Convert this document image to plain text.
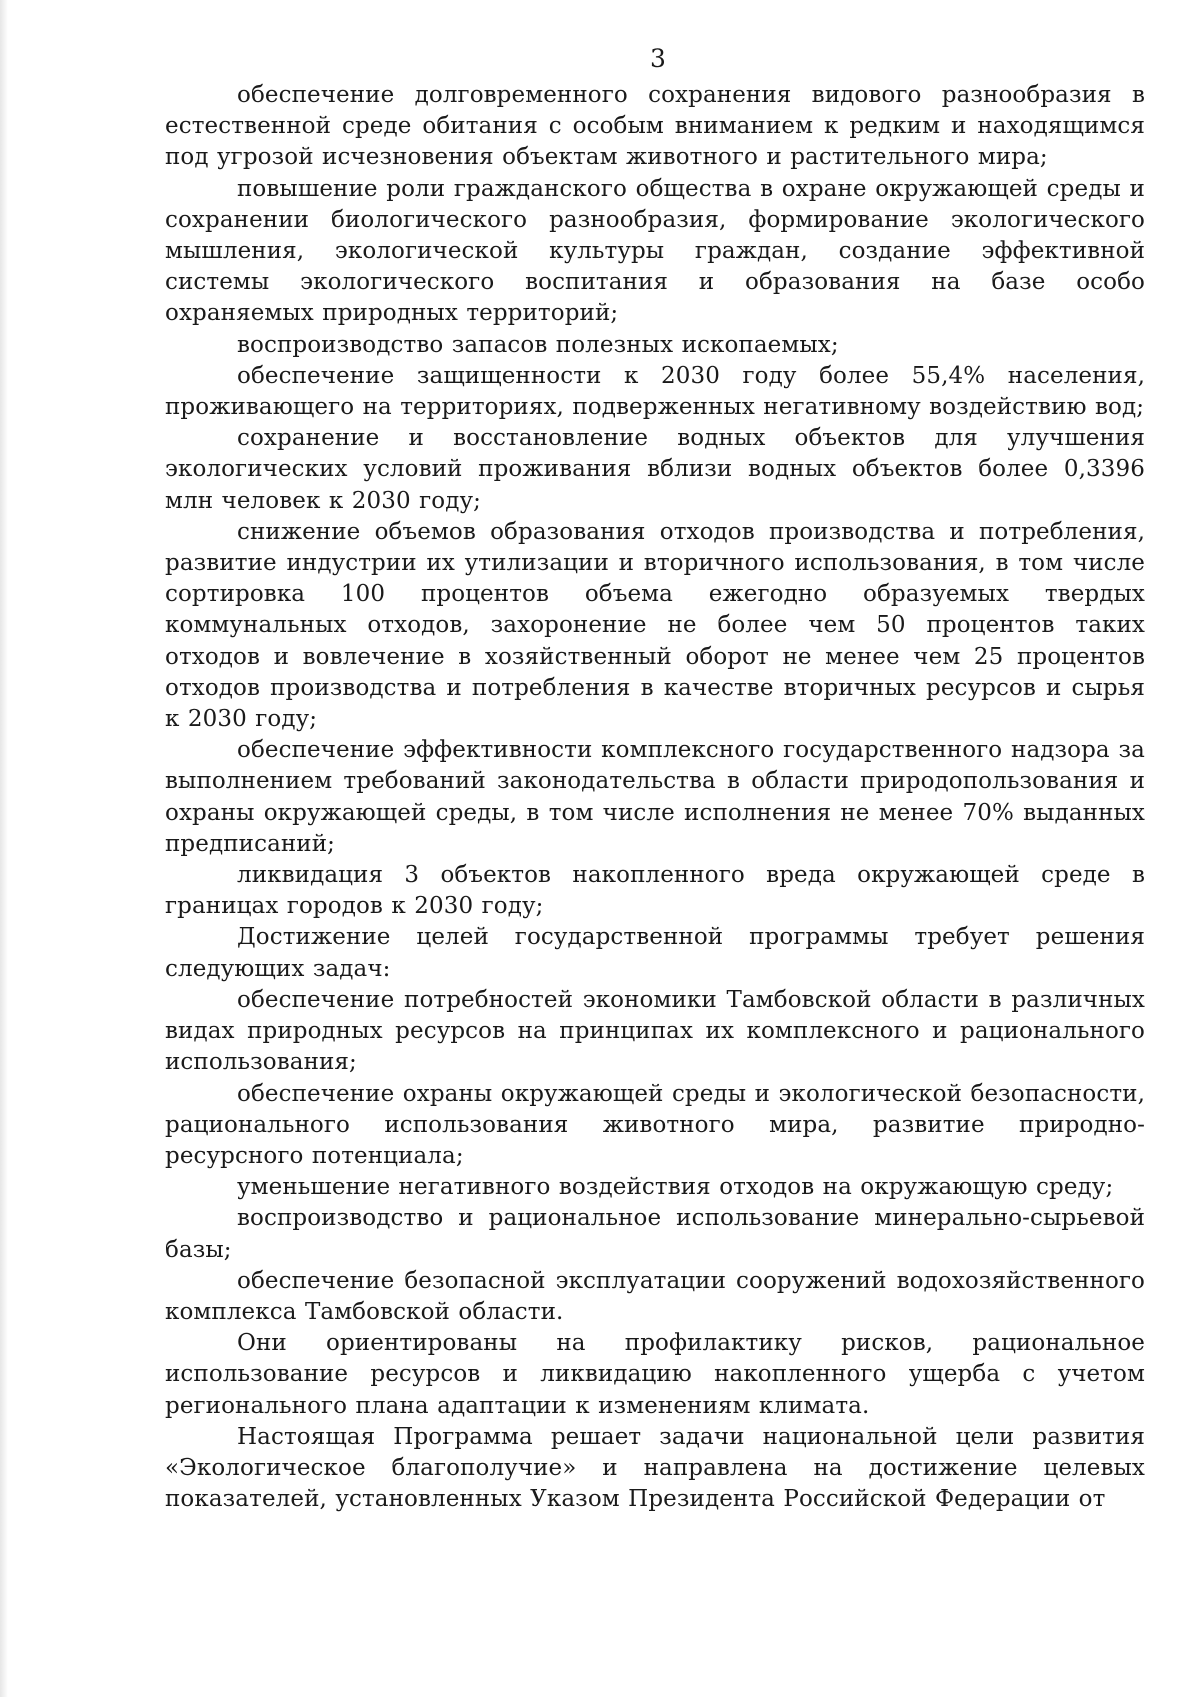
3

обеспечение долговременного сохранения видового разнообразия в естественной среде обитания с особым вниманием к редким и находящимся под угрозой исчезновения объектам животного и растительного мира;

повышение роли гражданского общества в охране окружающей среды и сохранении биологического разнообразия, формирование экологического мышления, экологической культуры граждан, создание эффективной системы экологического воспитания и образования на базе особо охраняемых природных территорий;

воспроизводство запасов полезных ископаемых;

обеспечение защищенности к 2030 году более 55,4% населения, проживающего на территориях, подверженных негативному воздействию вод;

сохранение и восстановление водных объектов для улучшения экологических условий проживания вблизи водных объектов более 0,3396 млн человек к 2030 году;

снижение объемов образования отходов производства и потребления, развитие индустрии их утилизации и вторичного использования, в том числе сортировка 100 процентов объема ежегодно образуемых твердых коммунальных отходов, захоронение не более чем 50 процентов таких отходов и вовлечение в хозяйственный оборот не менее чем 25 процентов отходов производства и потребления в качестве вторичных ресурсов и сырья к 2030 году;

обеспечение эффективности комплексного государственного надзора за выполнением требований законодательства в области природопользования и охраны окружающей среды, в том числе исполнения не менее 70% выданных предписаний;

ликвидация 3 объектов накопленного вреда окружающей среде в границах городов к 2030 году;

Достижение целей государственной программы требует решения следующих задач:

обеспечение потребностей экономики Тамбовской области в различных видах природных ресурсов на принципах их комплексного и рационального использования;

обеспечение охраны окружающей среды и экологической безопасности, рационального использования животного мира, развитие природно-ресурсного потенциала;

уменьшение негативного воздействия отходов на окружающую среду;

воспроизводство и рациональное использование минерально-сырьевой базы;

обеспечение безопасной эксплуатации сооружений водохозяйственного комплекса Тамбовской области.

Они ориентированы на профилактику рисков, рациональное использование ресурсов и ликвидацию накопленного ущерба с учетом регионального плана адаптации к изменениям климата.

Настоящая Программа решает задачи национальной цели развития «Экологическое благополучие» и направлена на достижение целевых показателей, установленных Указом Президента Российской Федерации от
